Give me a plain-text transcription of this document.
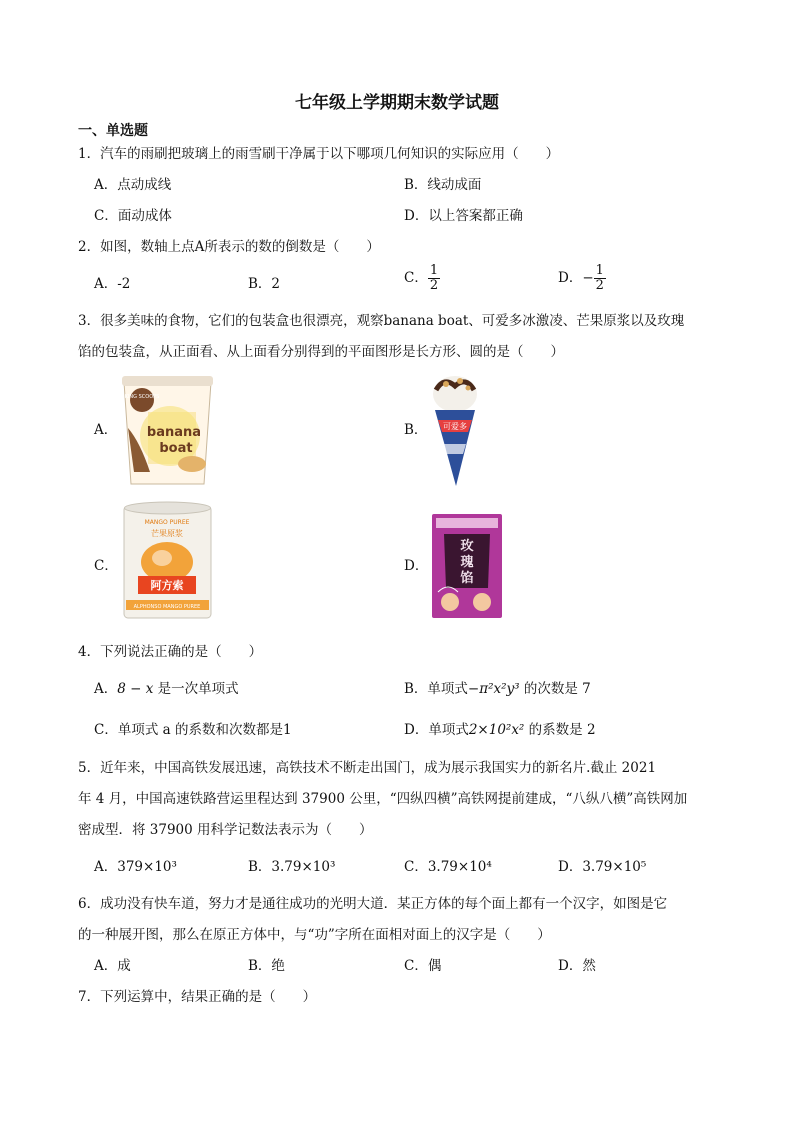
七年级上学期期末数学试题
一、单选题
1．汽车的雨刷把玻璃上的雨雪刷干净属于以下哪项几何知识的实际应用（　　）
A．点动成线	B．线动成面
C．面动成体	D．以上答案都正确
2．如图，数轴上点A所表示的数的倒数是（　　）
A．-2	B．2	C． $\frac{1}{2}$	D．− $\frac{1}{2}$
3．很多美味的食物，它们的包装盒也很漂亮，观察banana boat、可爱多冰激凌、芒果原浆以及玫瑰
馅的包装盒，从正面看、从上面看分别得到的平面图形是长方形、圆的是（　　）
A．
KING SCOOPS
banana
boat
B． 可爱多
C．
MANGO PUREE
芒果原浆
阿方索
ALPHONSO MANGO PUREE
D．
玫
瑰
馅
4．下列说法正确的是（　　）
A．8 − x 是一次单项式	B．单项式−π²x²y³ 的次数是 7
C．单项式 a 的系数和次数都是1	D．单项式2×10²x² 的系数是 2
5．近年来，中国高铁发展迅速，高铁技术不断走出国门，成为展示我国实力的新名片.截止 2021
年 4 月，中国高速铁路营运里程达到 37900 公里，“四纵四横”高铁网提前建成，“八纵八横”高铁网加
密成型．将 37900 用科学记数法表示为（　　）
A．379×10³	B．3.79×10³	C．3.79×10⁴	D．3.79×10⁵
6．成功没有快车道，努力才是通往成功的光明大道．某正方体的每个面上都有一个汉字，如图是它
的一种展开图，那么在原正方体中，与“功”字所在面相对面上的汉字是（　　）
A．成	B．绝	C．偶	D．然
7．下列运算中，结果正确的是（　　）
